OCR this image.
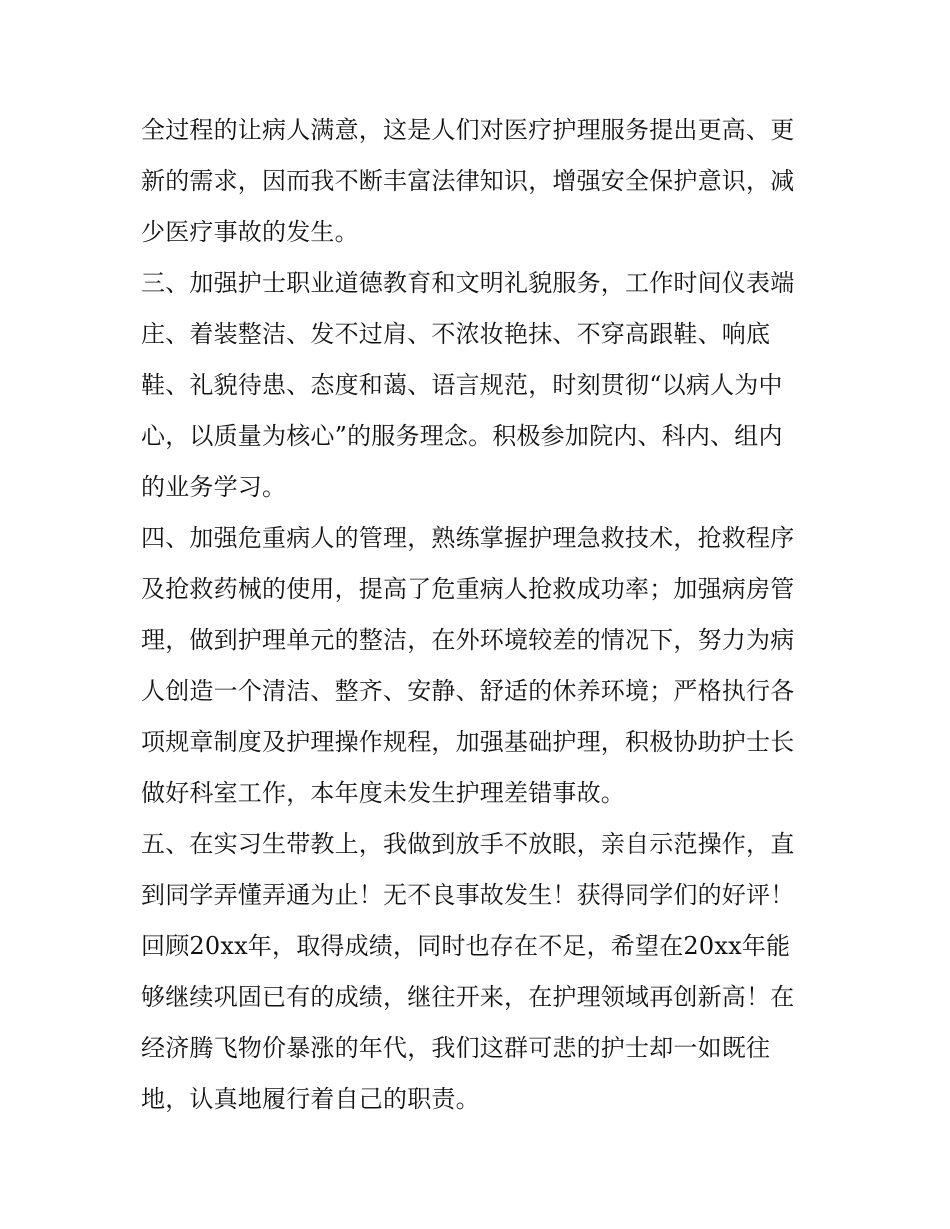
全过程的让病人满意，这是人们对医疗护理服务提出更高、更
新的需求，因而我不断丰富法律知识，增强安全保护意识，减
少医疗事故的发生。
三、加强护士职业道德教育和文明礼貌服务，工作时间仪表端
庄、着装整洁、发不过肩、不浓妆艳抹、不穿高跟鞋、响底
鞋、礼貌待患、态度和蔼、语言规范，时刻贯彻“以病人为中
心，以质量为核心”的服务理念。积极参加院内、科内、组内
的业务学习。
四、加强危重病人的管理，熟练掌握护理急救技术，抢救程序
及抢救药械的使用，提高了危重病人抢救成功率；加强病房管
理，做到护理单元的整洁，在外环境较差的情况下，努力为病
人创造一个清洁、整齐、安静、舒适的休养环境；严格执行各
项规章制度及护理操作规程，加强基础护理，积极协助护士长
做好科室工作，本年度未发生护理差错事故。
五、在实习生带教上，我做到放手不放眼，亲自示范操作，直
到同学弄懂弄通为止！无不良事故发生！获得同学们的好评！
回顾20xx年，取得成绩，同时也存在不足，希望在20xx年能
够继续巩固已有的成绩，继往开来，在护理领域再创新高！在
经济腾飞物价暴涨的年代，我们这群可悲的护士却一如既往
地，认真地履行着自己的职责。
